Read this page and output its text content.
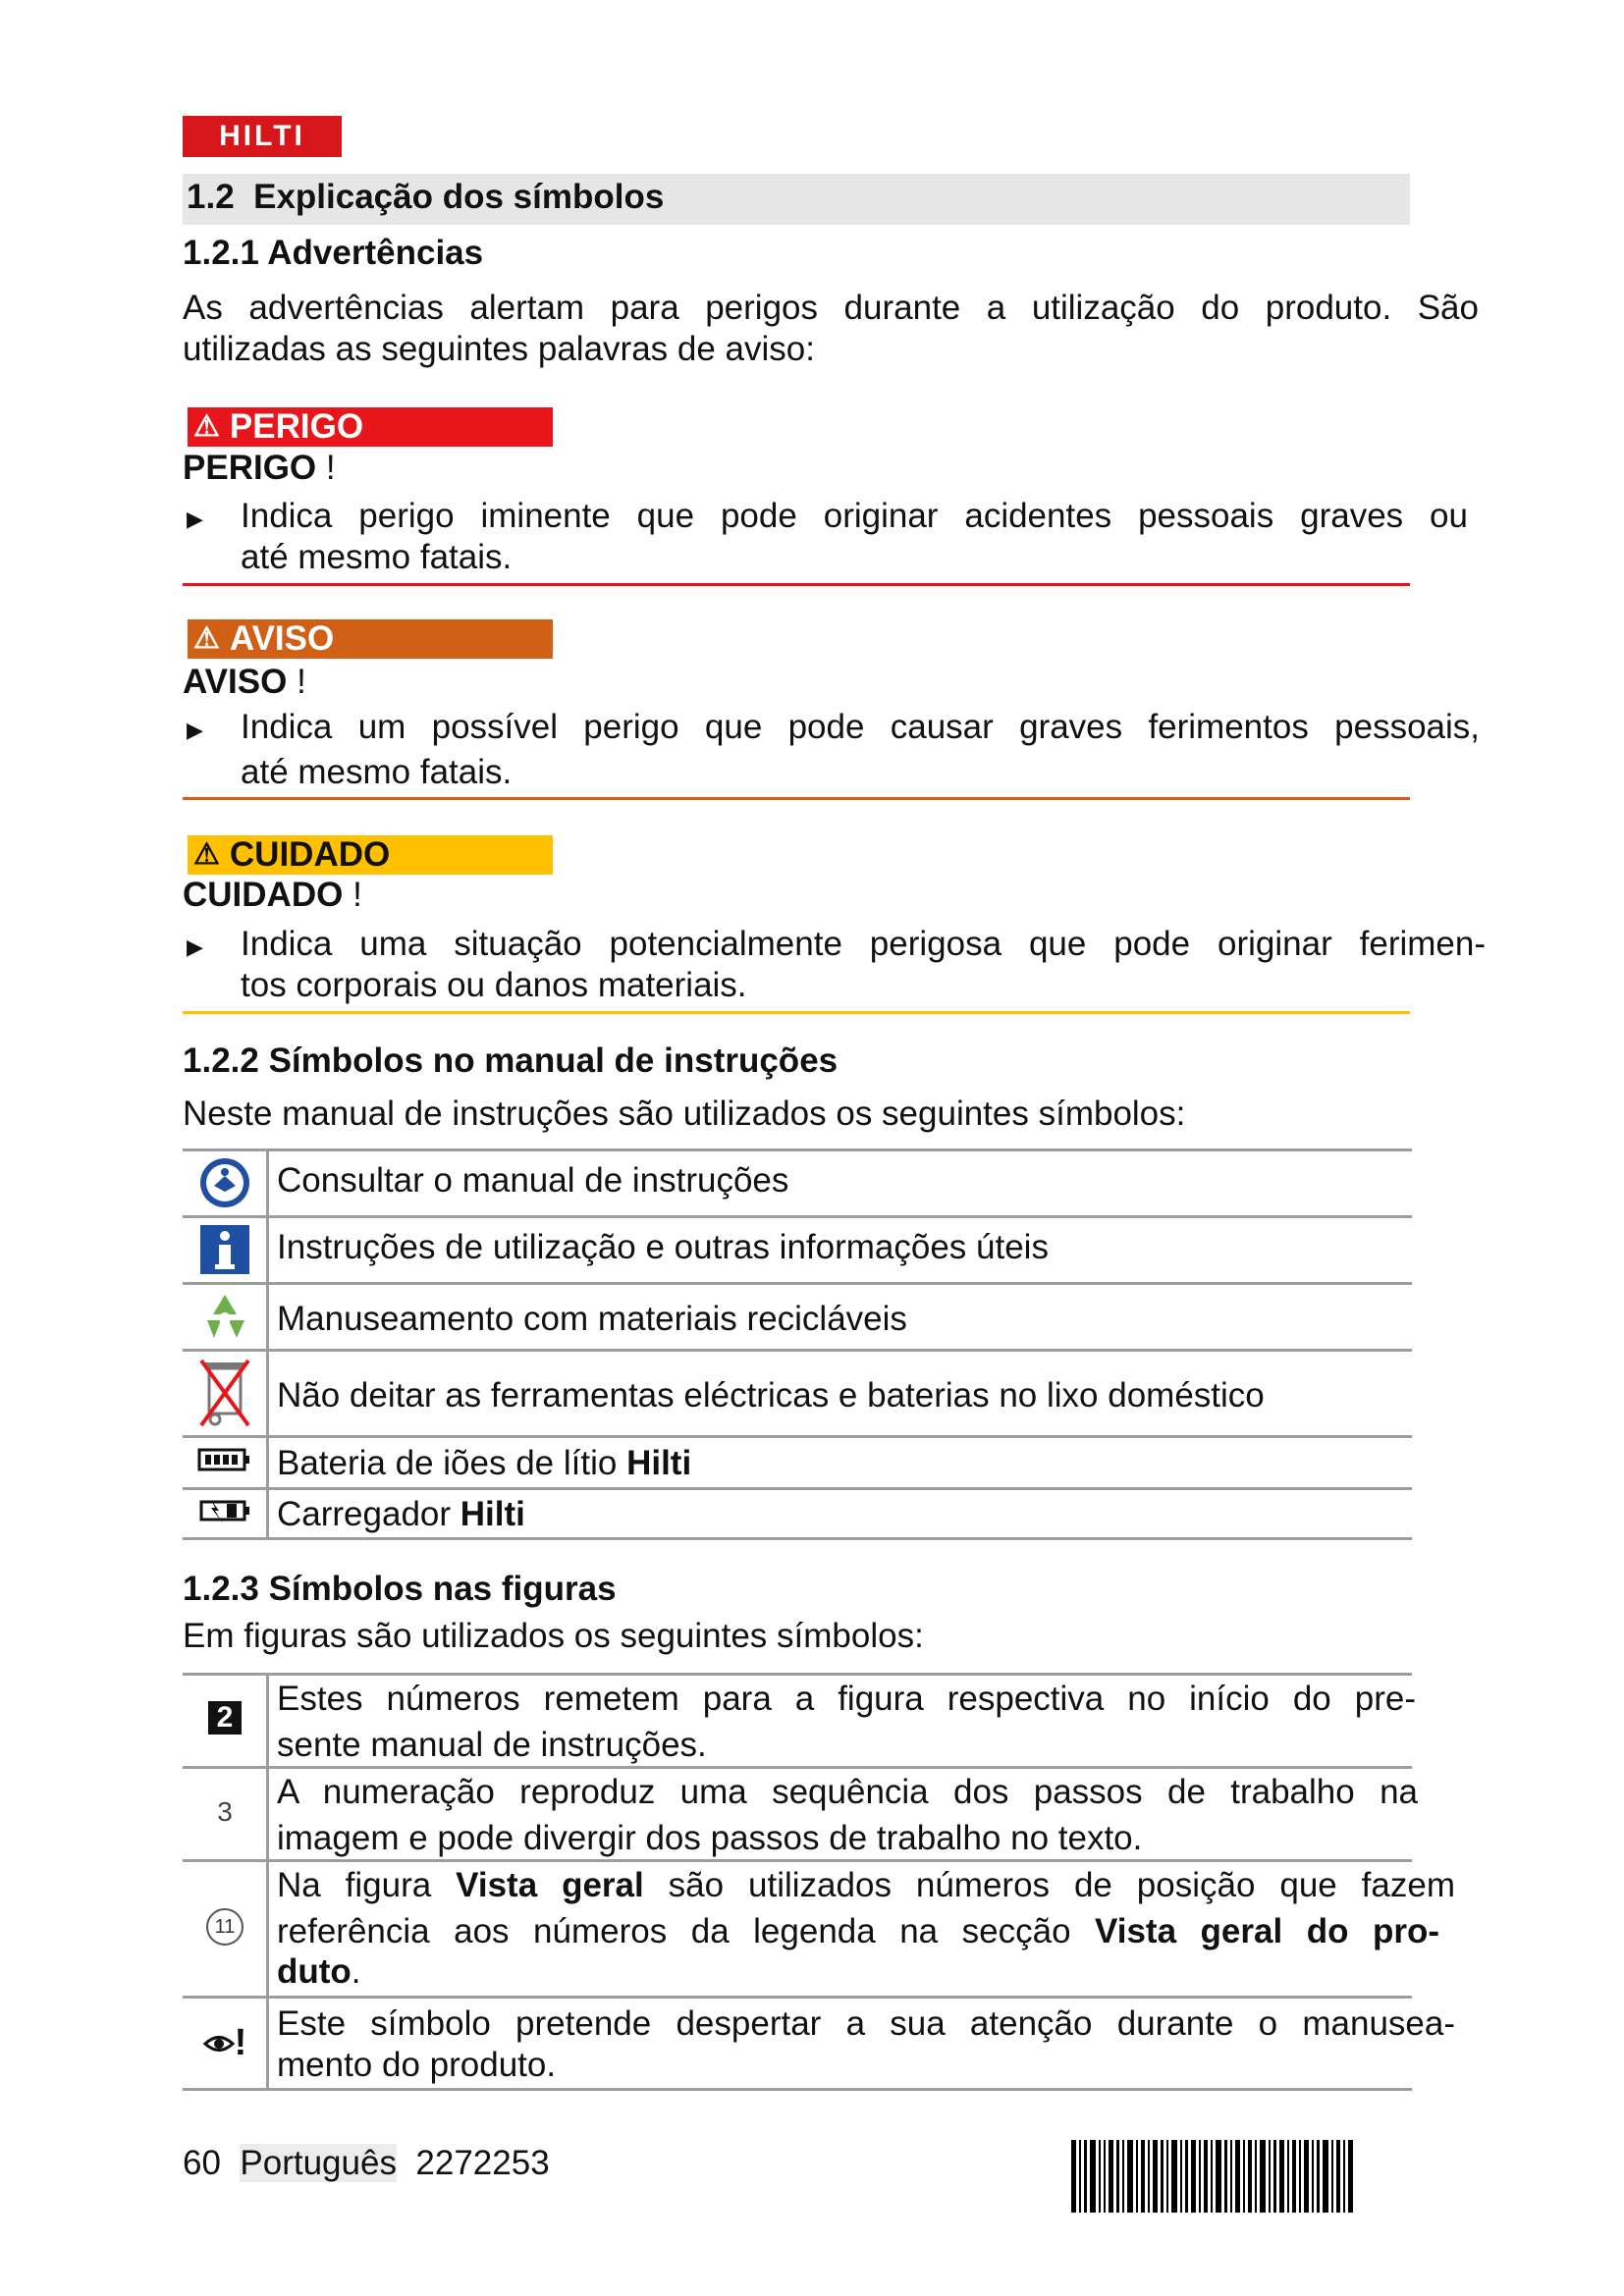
HILTI
1.2 Explicação dos símbolos
1.2.1 Advertências
As advertências alertam para perigos durante a utilização do produto. São
utilizadas as seguintes palavras de aviso:
⚠ PERIGO
PERIGO !
▶ Indica perigo iminente que pode originar acidentes pessoais graves ou
até mesmo fatais.
⚠ AVISO
AVISO !
▶ Indica um possível perigo que pode causar graves ferimentos pessoais,
até mesmo fatais.
⚠ CUIDADO
CUIDADO !
▶ Indica uma situação potencialmente perigosa que pode originar ferimen-
tos corporais ou danos materiais.
1.2.2 Símbolos no manual de instruções
Neste manual de instruções são utilizados os seguintes símbolos:
Consultar o manual de instruções
Instruções de utilização e outras informações úteis
Manuseamento com materiais recicláveis
Não deitar as ferramentas eléctricas e baterias no lixo doméstico
Bateria de iões de lítio Hilti
Carregador Hilti
1.2.3 Símbolos nas figuras
Em figuras são utilizados os seguintes símbolos:
2	Estes números remetem para a figura respectiva no início do pre-
sente manual de instruções.
3
A numeração reproduz uma sequência dos passos de trabalho na
imagem e pode divergir dos passos de trabalho no texto.
11
Na figura Vista geral são utilizados números de posição que fazem
referência aos números da legenda na secção Vista geral do pro-
duto.
! Este símbolo pretende despertar a sua atenção durante o manusea-
mento do produto.
60 Português 2272253
